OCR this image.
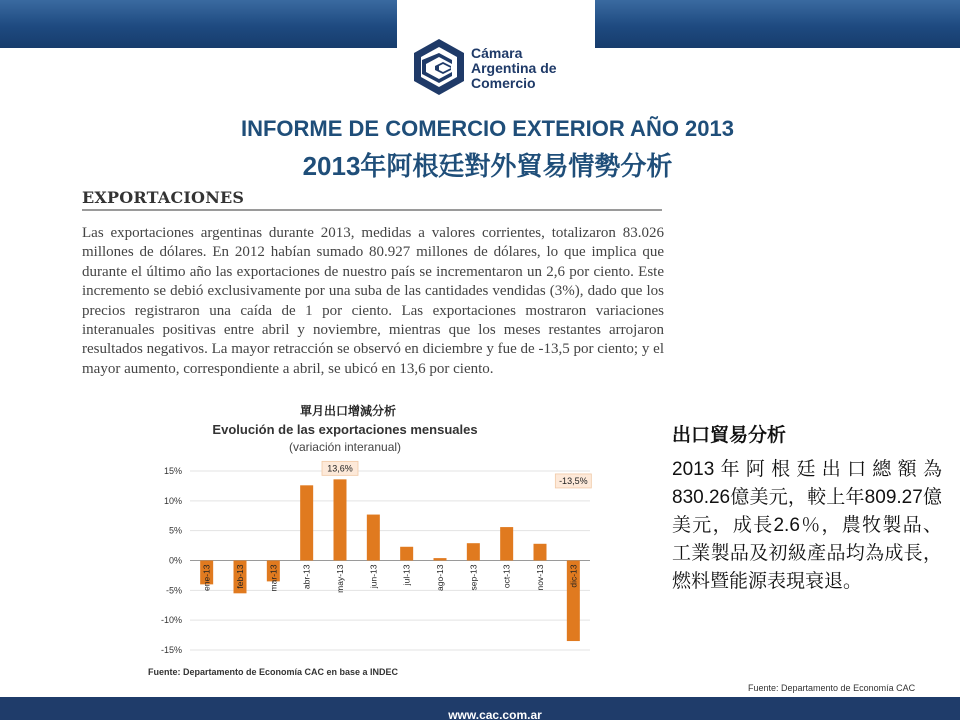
Cámara
Argentina de
Comercio
INFORME DE COMERCIO EXTERIOR AÑO 2013
2013年阿根廷對外貿易情勢分析
EXPORTACIONES
Las exportaciones argentinas durante 2013, medidas a valores corrientes, totalizaron 83.026 millones de dólares. En 2012 habían sumado 80.927 millones de dólares, lo que implica que durante el último año las exportaciones de nuestro país se incrementaron un 2,6 por ciento. Este incremento se debió exclusivamente por una suba de las cantidades vendidas (3%), dado que los precios registraron una caída de 1 por ciento. Las exportaciones mostraron variaciones interanuales positivas entre abril y noviembre, mientras que los meses restantes arrojaron resultados negativos. La mayor retracción se observó en diciembre y fue de -13,5 por ciento; y el mayor aumento, correspondiente a abril, se ubicó en 13,6 por ciento.
單月出口增減分析
Evolución de las exportaciones mensuales
(variación interanual)
-15%
-10%
-5%
0%
5%
10%
15%
ene-13	feb-13	mar-13	abr-13	may-13	jun-13	jul-13	ago-13	sep-13	oct-13	nov-13	dic-13
13,6%
-13,5%
Fuente: Departamento de Economía CAC en base a INDEC
出口貿易分析
2013年阿根廷出口總額為830.26億美元，較上年809.27億美元，成長2.6％，農牧製品、工業製品及初級產品均為成長，燃料暨能源表現衰退。
Fuente: Departamento de Economía CAC
www.cac.com.ar
